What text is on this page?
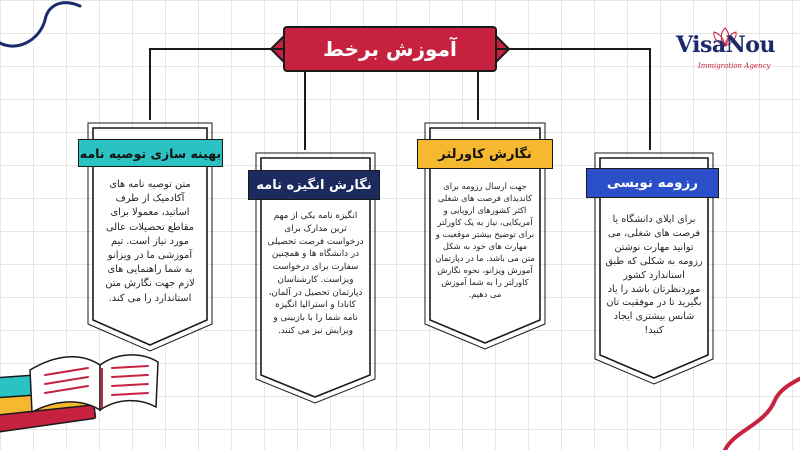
آموزش برخط	VisaNou
Immigration Agency
متن توصیه نامه های آکادمیک از طرف اساتید، معمولا برای مقاطع تحصیلات عالی مورد نیاز است. تیم آموزشی ما در ویزانو به شما راهنمایی های لازم جهت نگارش متن استاندارد را می کند.
بهینه سازی توصیه نامه
انگیزه نامه یکی از مهم ترین مدارک برای درخواست فرصت تحصیلی در دانشگاه ها و همچنین سفارت برای درخواست ویزاست. کارشناسان دپارتمان تحصیل در آلمان، کانادا و استرالیا انگیزه نامه شما را با بازبینی و ویرایش نیز می کنند.
نگارش انگیزه نامه	جهت ارسال رزومه برای کاندیدای فرصت های شغلی اکثر کشورهای اروپایی و آمریکایی، نیاز به یک کاورلتر برای توضیح بیشتر موقعیت و مهارت های خود به شکل متن می باشد. ما در دپارتمان آموزش ویزانو، نحوه نگارش کاورلتر را به شما آموزش می دهیم.
نگارش کاورلتر
برای اپلای دانشگاه یا فرصت های شغلی، می توانید مهارت نوشتن رزومه به شکلی که طبق استاندارد کشور موردنظرتان باشد را یاد بگیرید تا در موفقیت تان شانس بیشتری ایجاد کنید!
رزومه نویسی
